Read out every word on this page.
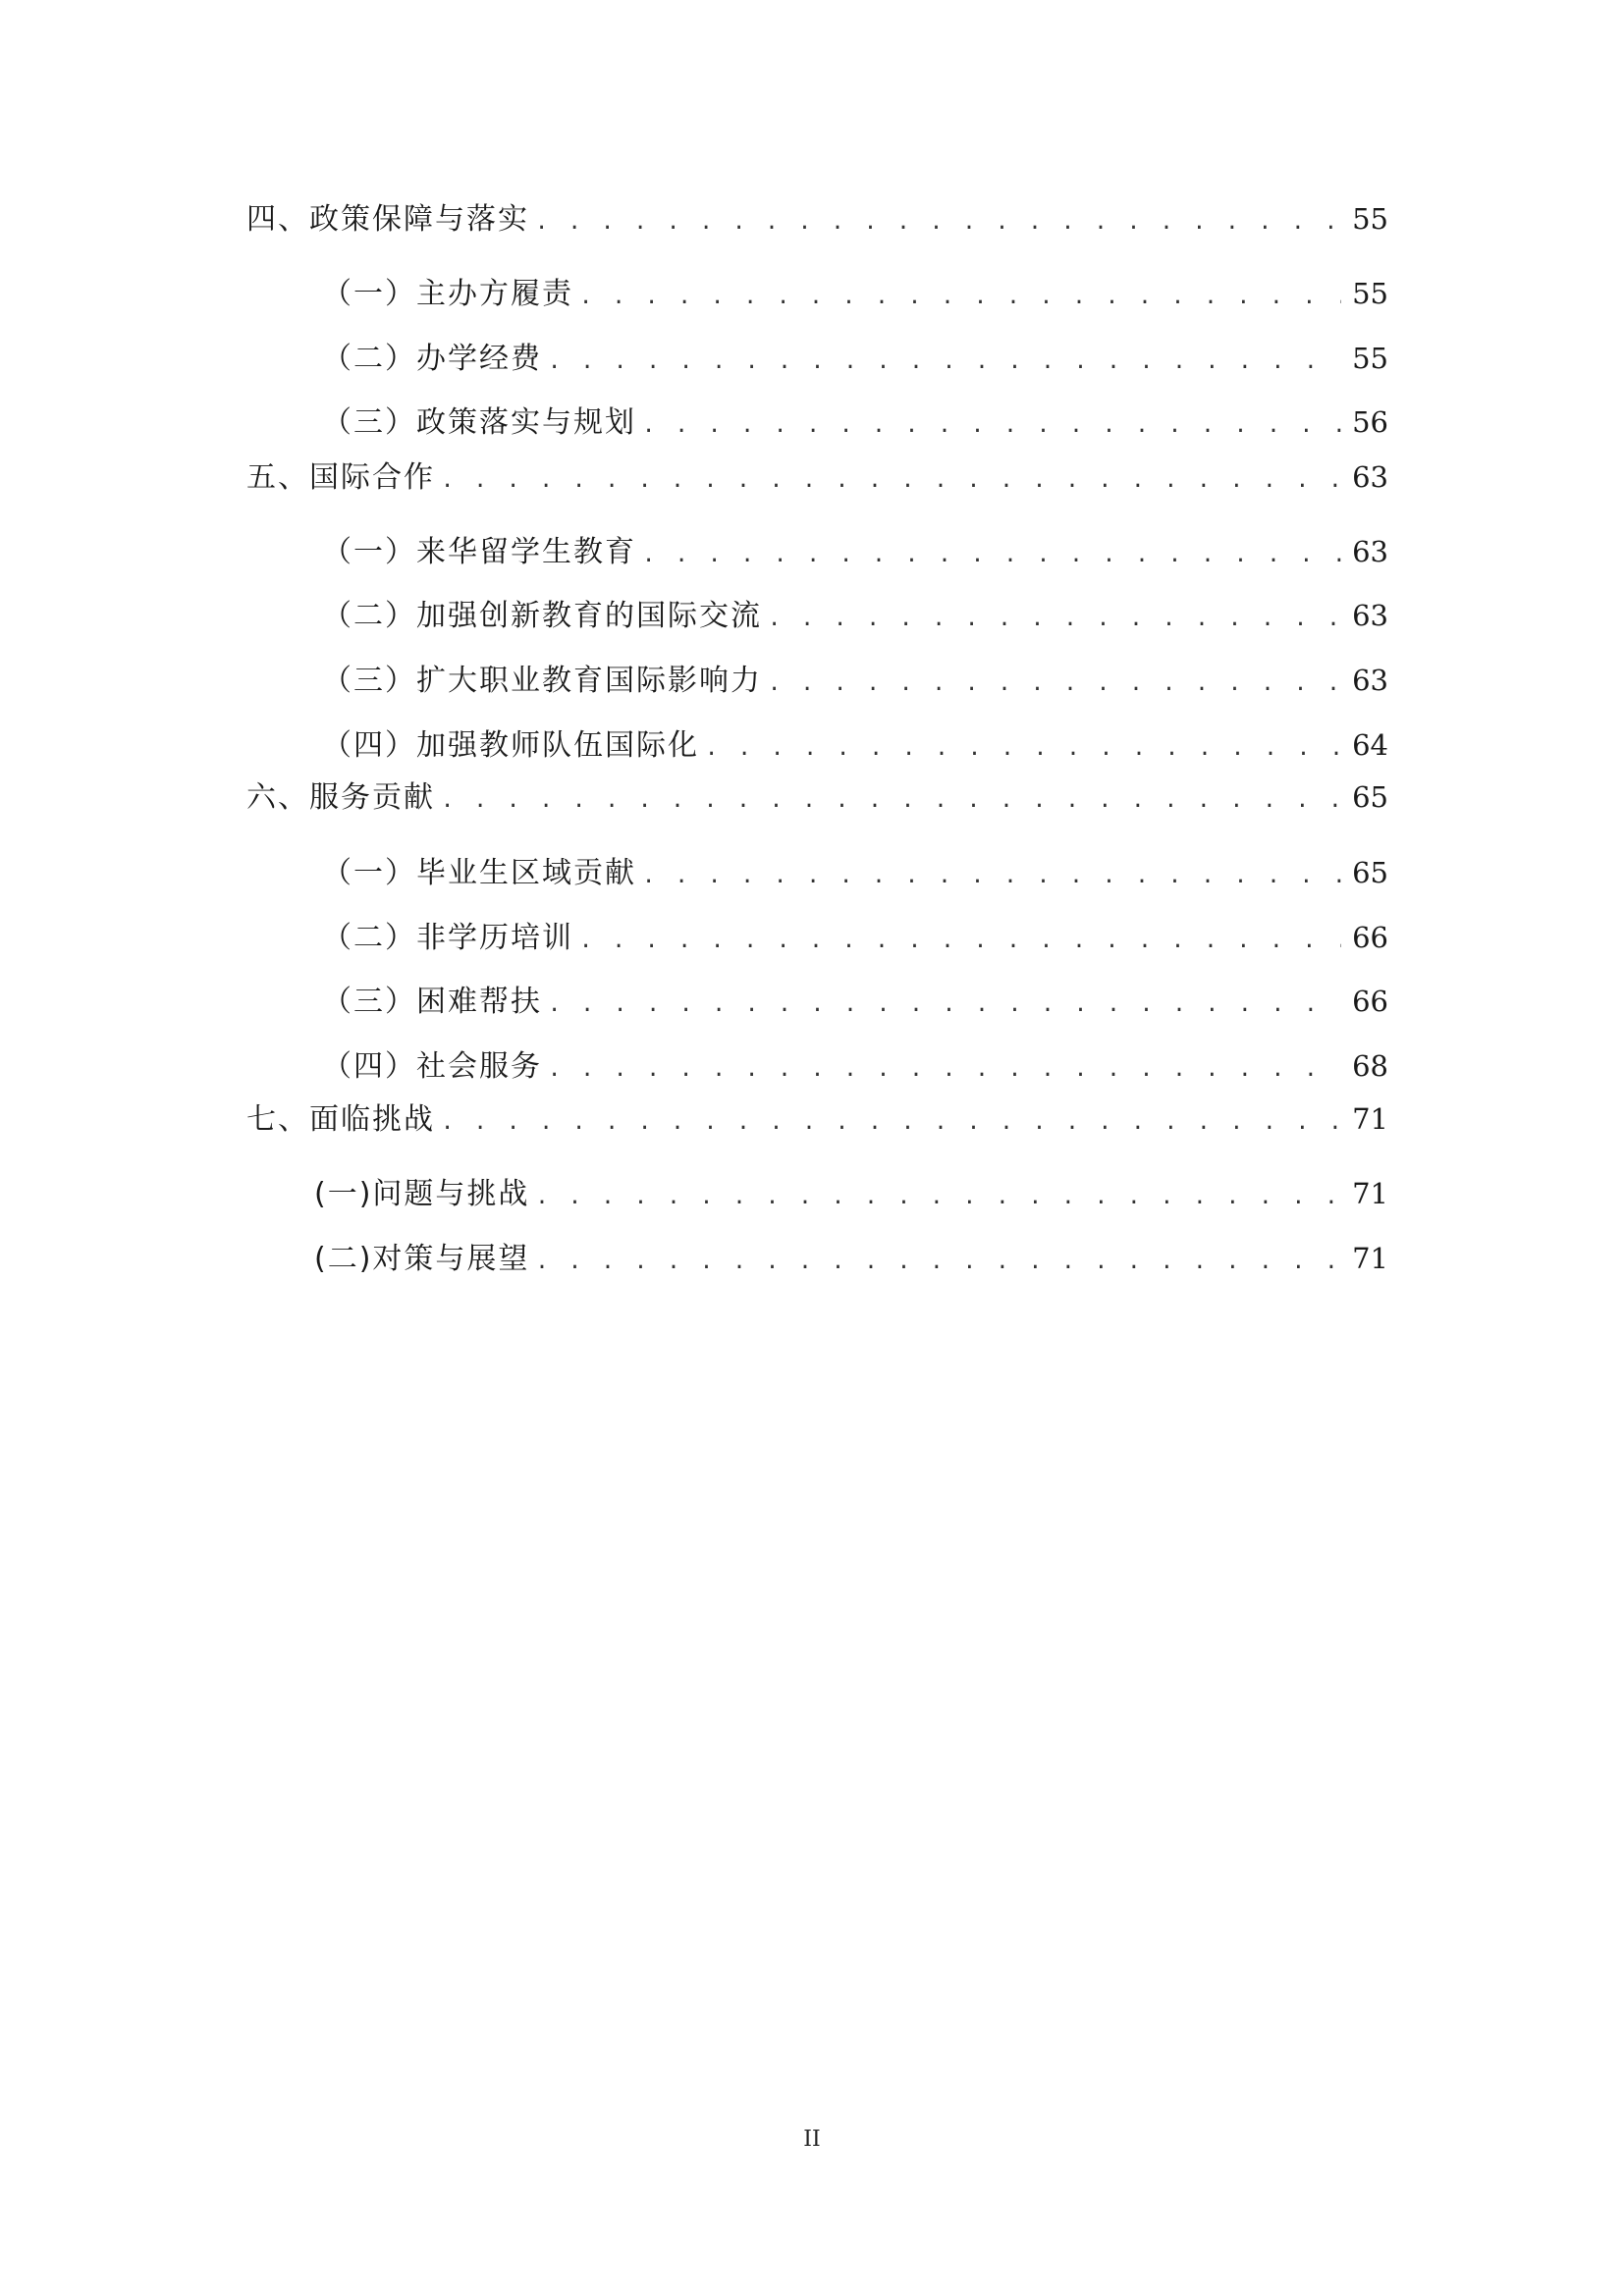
四、政策保障与落实 . . .	55
（一）主办方履责 . . .	55
（二）办学经费 . . .	55
（三）政策落实与规划 . . .	56
五、国际合作 . . .	63
（一）来华留学生教育 . . .	63
（二）加强创新教育的国际交流 . . .	63
（三）扩大职业教育国际影响力 . . .	63
（四）加强教师队伍国际化 . . .	64
六、服务贡献 . . .	65
（一）毕业生区域贡献 . . .	65
（二）非学历培训 . . .	66
（三）困难帮扶 . . .	66
（四）社会服务 . . .	68
七、面临挑战 . . .	71
(一)问题与挑战 . . .	71
(二)对策与展望 . . .	71
II
